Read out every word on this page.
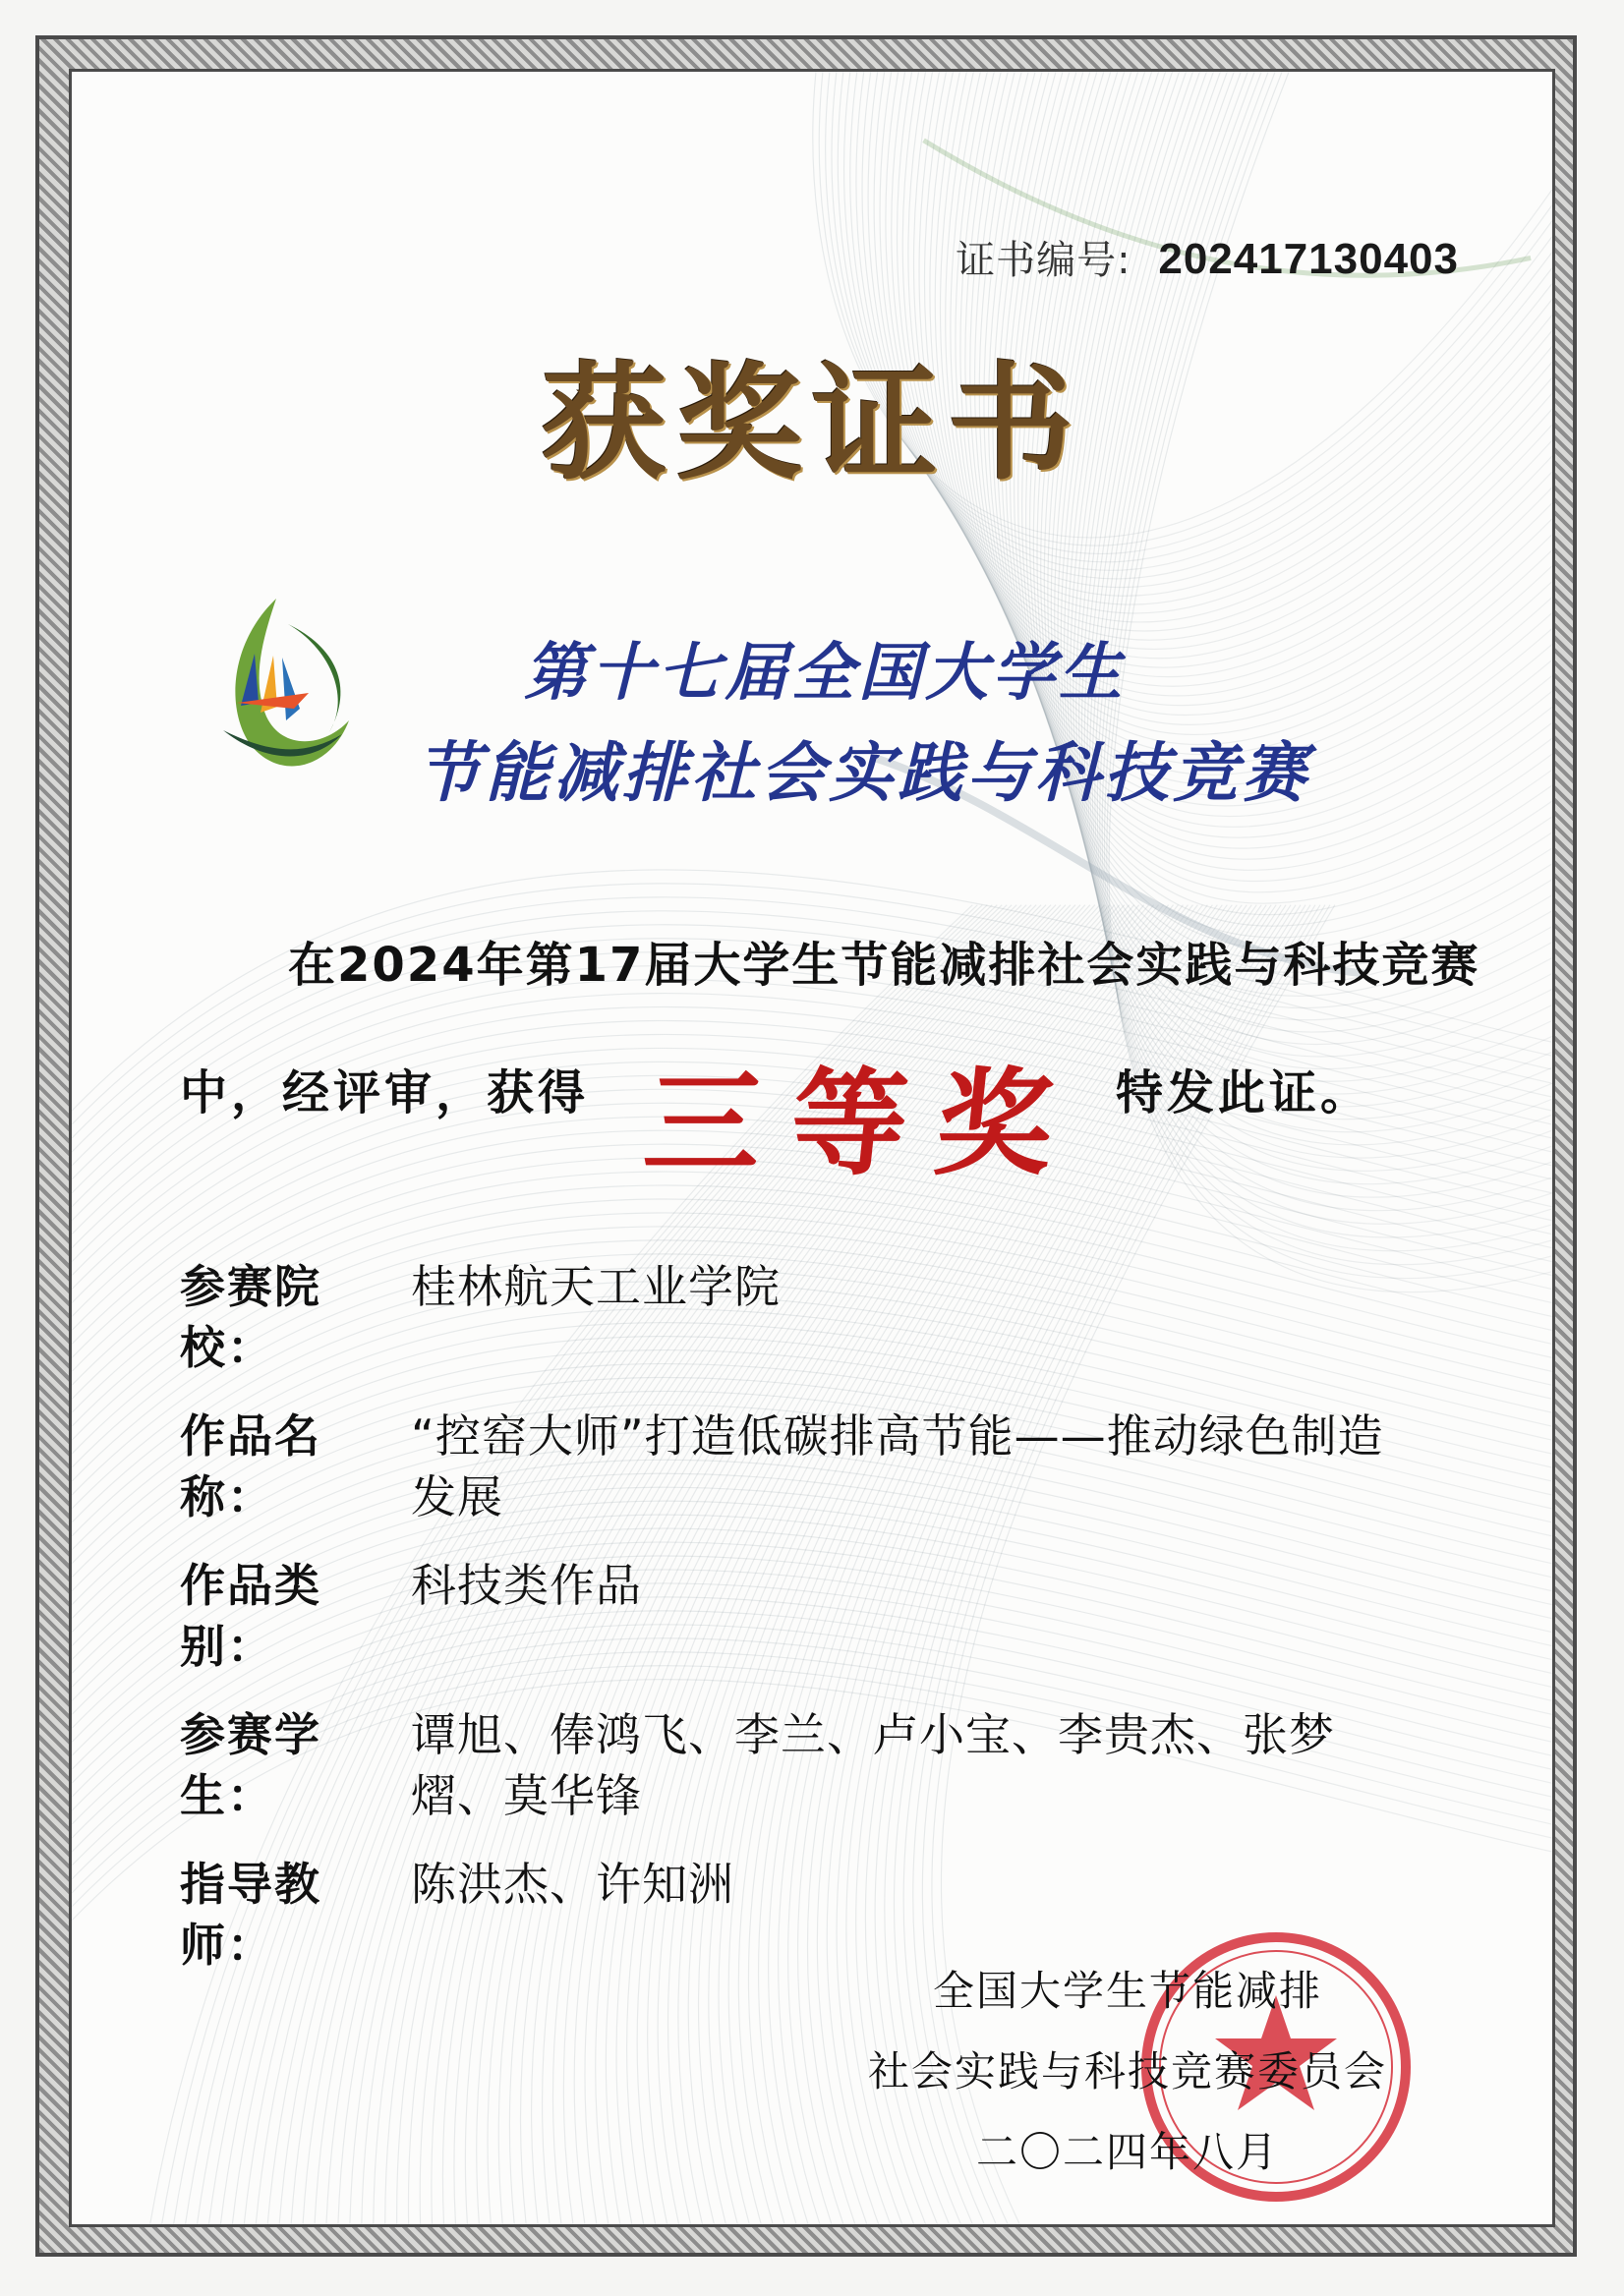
证书编号: 202417130403
获奖证书
第十七届全国大学生
节能减排社会实践与科技竞赛
在2024年第17届大学生节能减排社会实践与科技竞赛
中，经评审，获得 三等奖 特发此证。
参赛院校：
桂林航天工业学院
作品名称：
“控窑大师”打造低碳排高节能——推动绿色制造发展
作品类别：
科技类作品
参赛学生：
谭旭、俸鸿飞、李兰、卢小宝、李贵杰、张梦熠、莫华锋
指导教师：
陈洪杰、许知洲
全国大学生节能减排
社会实践与科技竞赛委员会
二〇二四年八月
